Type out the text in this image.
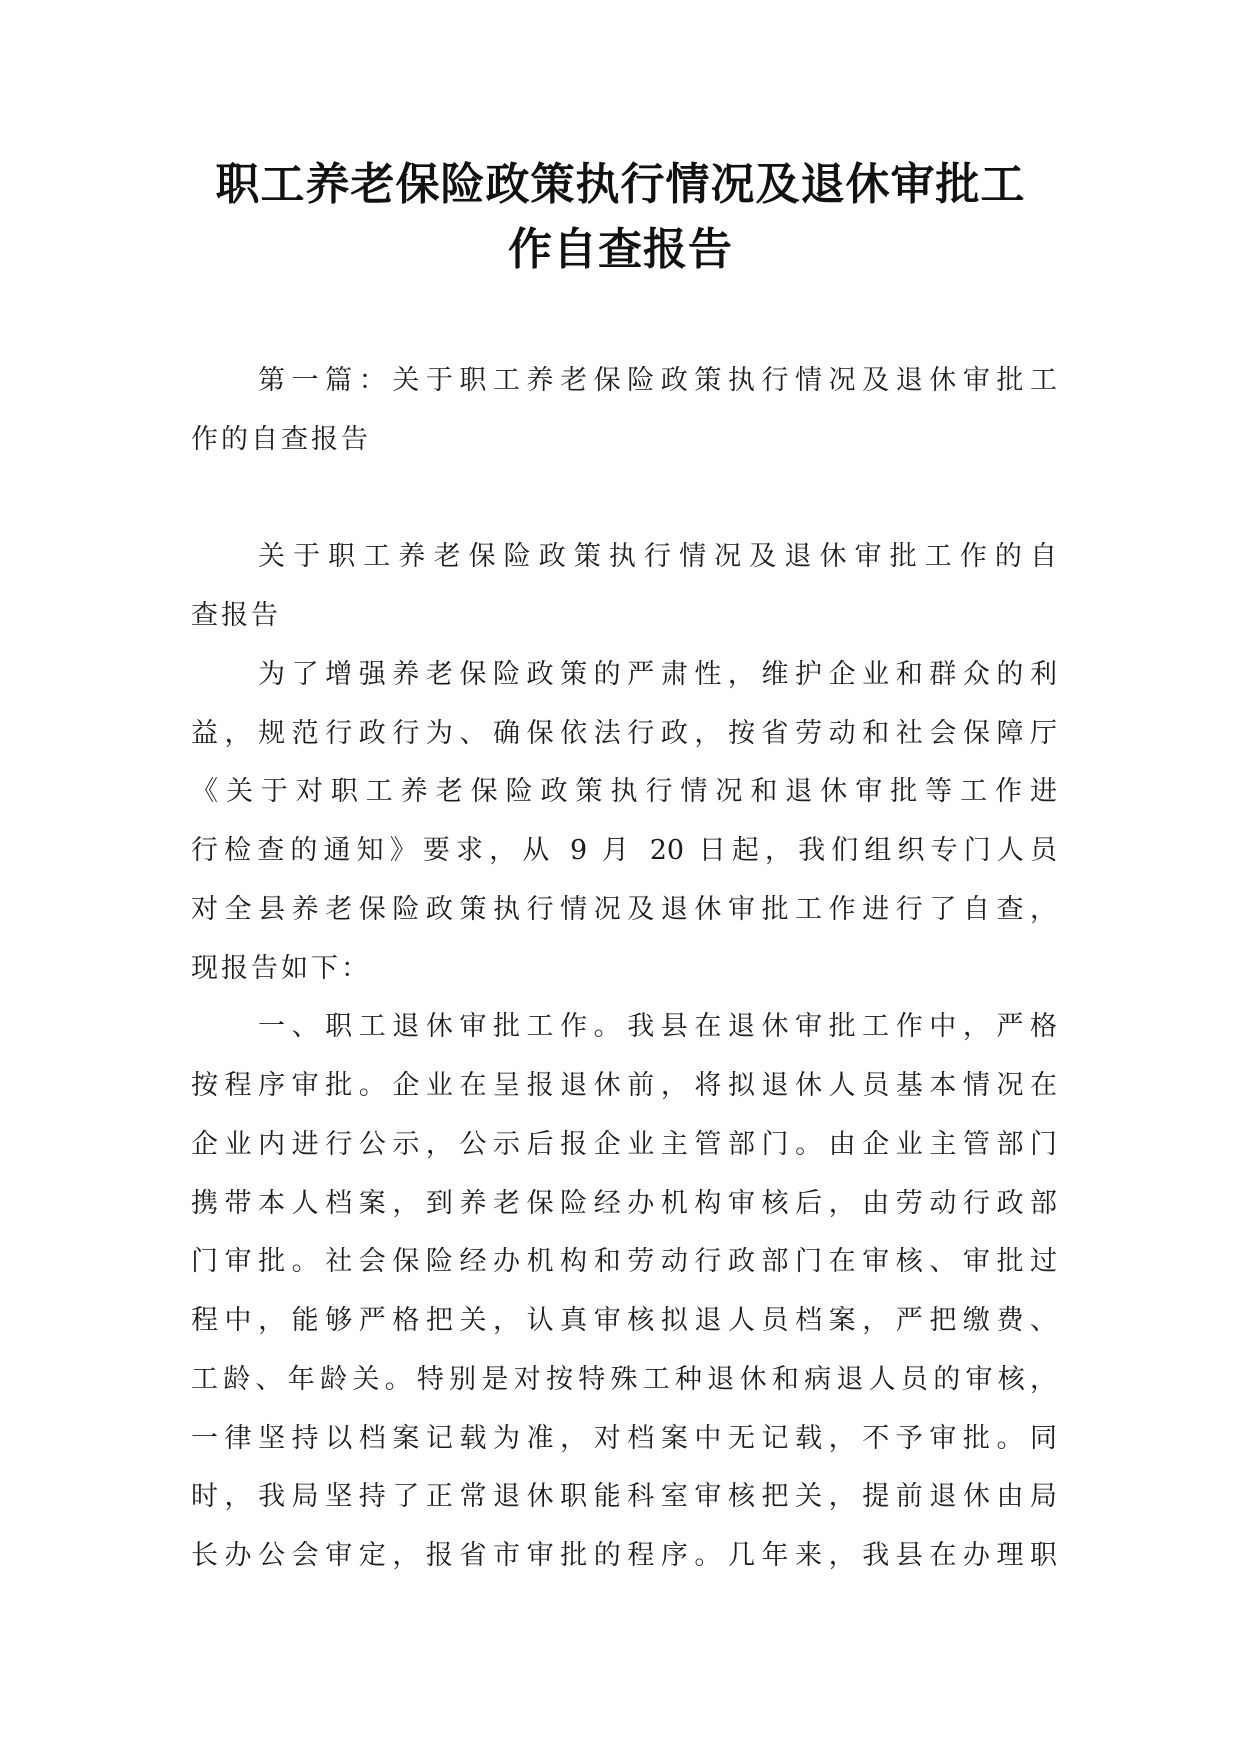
职工养老保险政策执行情况及退休审批工
作自查报告
第一篇：关于职工养老保险政策执行情况及退休审批工
作的自查报告
关于职工养老保险政策执行情况及退休审批工作的自
查报告
为了增强养老保险政策的严肃性，维护企业和群众的利
益，规范行政行为、确保依法行政，按省劳动和社会保障厅
《关于对职工养老保险政策执行情况和退休审批等工作进
行检查的通知》要求，从 9 月 20 日起，我们组织专门人员
对全县养老保险政策执行情况及退休审批工作进行了自查，
现报告如下：
一、职工退休审批工作。我县在退休审批工作中，严格
按程序审批。企业在呈报退休前，将拟退休人员基本情况在
企业内进行公示，公示后报企业主管部门。由企业主管部门
携带本人档案，到养老保险经办机构审核后，由劳动行政部
门审批。社会保险经办机构和劳动行政部门在审核、审批过
程中，能够严格把关，认真审核拟退人员档案，严把缴费、
工龄、年龄关。特别是对按特殊工种退休和病退人员的审核，
一律坚持以档案记载为准，对档案中无记载，不予审批。同
时，我局坚持了正常退休职能科室审核把关，提前退休由局
长办公会审定，报省市审批的程序。几年来，我县在办理职
